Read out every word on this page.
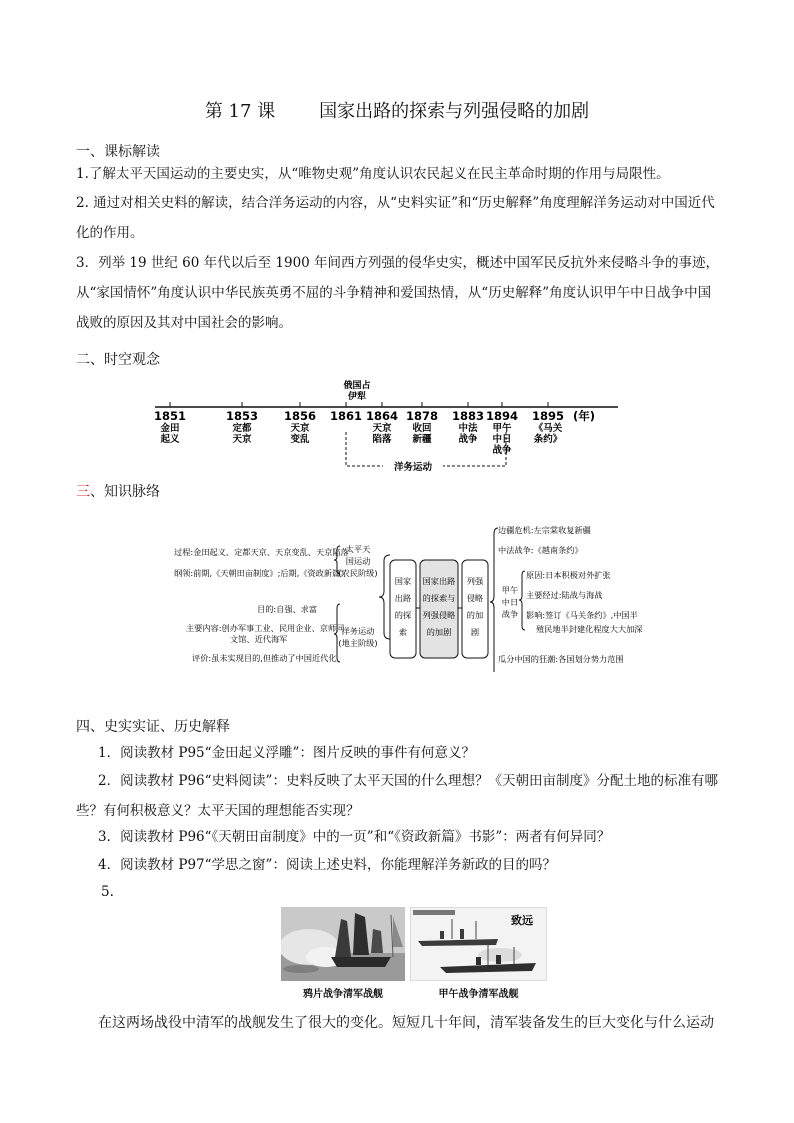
第 17 课 国家出路的探索与列强侵略的加剧
一、课标解读
1.了解太平天国运动的主要史实，从“唯物史观”角度认识农民起义在民主革命时期的作用与局限性。
2. 通过对相关史料的解读，结合洋务运动的内容，从“史料实证”和“历史解释”角度理解洋务运动对中国近代化的作用。
3．列举 19 世纪 60 年代以后至 1900 年间西方列强的侵华史实，概述中国军民反抗外来侵略斗争的事迹，从“家国情怀”角度认识中华民族英勇不屈的斗争精神和爱国热情，从“历史解释”角度认识甲午中日战争中国战败的原因及其对中国社会的影响。
二、时空观念
俄国占伊犁
1851	1853 1856 1861 1864 1878 1883 1894 1895 (年)
金田起义
定都天京
天京变乱
天京陷落
收回新疆
中法战争
甲午中日战争
《马关条约》
洋务运动
三、知识脉络
过程:金田起义、定都天京、天京变乱、天京陷落
纲领:前期,《天朝田亩制度》;后期,《资政新篇》
目的:自强、求富
主要内容:创办军事工业、民用企业、京师同
文馆、近代海军
评价:虽未实现目的,但推动了中国近代化
太平天国运动(农民阶级)
洋务运动(地主阶级)
国家出路的探索
国家出路的探索与列强侵略的加剧
列强侵略的加剧
边疆危机:左宗棠收复新疆
中法战争:《越南条约》
甲午中日战争
原因:日本积极对外扩张
主要经过:陆战与海战
影响:签订《马关条约》,中国半
殖民地半封建化程度大大加深
瓜分中国的狂潮:各国划分势力范围
四、史实实证、历史解释
1．阅读教材 P95“金田起义浮雕”：图片反映的事件有何意义？
2．阅读教材 P96“史料阅读”：史料反映了太平天国的什么理想？《天朝田亩制度》分配土地的标准有哪些？有何积极意义？太平天国的理想能否实现？
3．阅读教材 P96“《天朝田亩制度》中的一页”和“《资政新篇》书影”：两者有何异同？
4．阅读教材 P97“学思之窗”：阅读上述史料，你能理解洋务新政的目的吗？
5.
鸦片战争清军战舰
致远
甲午战争清军战舰
在这两场战役中清军的战舰发生了很大的变化。短短几十年间，清军装备发生的巨大变化与什么运动
